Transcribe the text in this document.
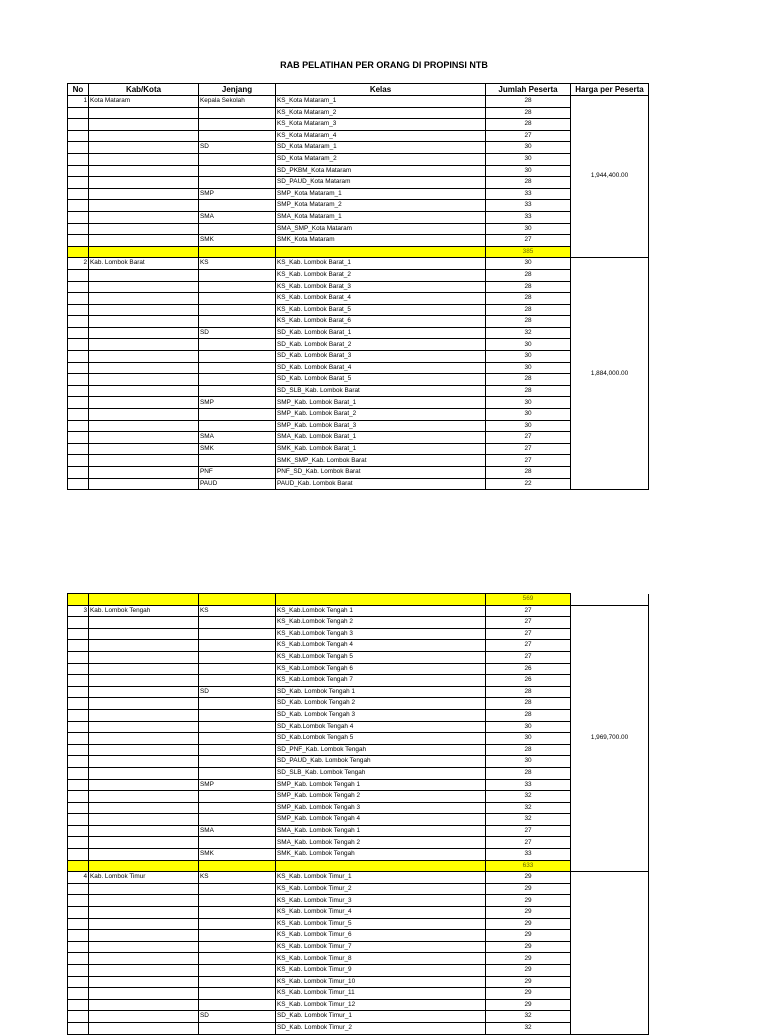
RAB PELATIHAN PER ORANG DI PROPINSI NTB
No	Kab/Kota	Jenjang	Kelas	Jumlah Peserta	Harga per Peserta
1	Kota Mataram	Kepala Sekolah	KS_Kota Mataram_1	28	1,944,400.00
			KS_Kota Mataram_2	28	
			KS_Kota Mataram_3	28	
			KS_Kota Mataram_4	27	
		SD	SD_Kota Mataram_1	30	
			SD_Kota Mataram_2	30	
			SD_PKBM_Kota Mataram	30	
			SD_PAUD_Kota Mataram	28	
		SMP	SMP_Kota Mataram_1	33	
			SMP_Kota Mataram_2	33	
		SMA	SMA_Kota Mataram_1	33	
			SMA_SMP_Kota Mataram	30	
		SMK	SMK_Kota Mataram	27	
				385	
2	Kab. Lombok Barat	KS	KS_Kab. Lombok Barat_1	30	1,884,000.00
			KS_Kab. Lombok Barat_2	28	
			KS_Kab. Lombok Barat_3	28	
			KS_Kab. Lombok Barat_4	28	
			KS_Kab. Lombok Barat_5	28	
			KS_Kab. Lombok Barat_6	28	
		SD	SD_Kab. Lombok Barat_1	32	
			SD_Kab. Lombok Barat_2	30	
			SD_Kab. Lombok Barat_3	30	
			SD_Kab. Lombok Barat_4	30	
			SD_Kab. Lombok Barat_5	28	
			SD_SLB_Kab. Lombok Barat	28	
		SMP	SMP_Kab. Lombok Barat_1	30	
			SMP_Kab. Lombok Barat_2	30	
			SMP_Kab. Lombok Barat_3	30	
		SMA	SMA_Kab. Lombok Barat_1	27	
		SMK	SMK_Kab. Lombok Barat_1	27	
			SMK_SMP_Kab. Lombok Barat	27	
		PNF	PNF_SD_Kab. Lombok Barat	28	
		PAUD	PAUD_Kab. Lombok Barat	22	
				569	
3	Kab. Lombok Tengah	KS	KS_Kab.Lombok Tengah 1	27	1,969,700.00
			KS_Kab.Lombok Tengah 2	27	
			KS_Kab.Lombok Tengah 3	27	
			KS_Kab.Lombok Tengah 4	27	
			KS_Kab.Lombok Tengah 5	27	
			KS_Kab.Lombok Tengah 6	26	
			KS_Kab.Lombok Tengah 7	26	
		SD	SD_Kab. Lombok Tengah 1	28	
			SD_Kab. Lombok Tengah 2	28	
			SD_Kab. Lombok Tengah 3	28	
			SD_Kab.Lombok Tengah 4	30	
			SD_Kab.Lombok Tengah 5	30	
			SD_PNF_Kab. Lombok Tengah	28	
			SD_PAUD_Kab. Lombok Tengah	30	
			SD_SLB_Kab. Lombok Tengah	28	
		SMP	SMP_Kab. Lombok Tengah 1	33	
			SMP_Kab. Lombok Tengah 2	32	
			SMP_Kab. Lombok Tengah 3	32	
			SMP_Kab. Lombok Tengah 4	32	
		SMA	SMA_Kab. Lombok Tengah 1	27	
			SMA_Kab. Lombok Tengah 2	27	
		SMK	SMK_Kab. Lombok Tengah	33	
				633	
4	Kab. Lombok Timur	KS	KS_Kab. Lombok Timur_1	29	
			KS_Kab. Lombok Timur_2	29	
			KS_Kab. Lombok Timur_3	29	
			KS_Kab. Lombok Timur_4	29	
			KS_Kab. Lombok Timur_5	29	
			KS_Kab. Lombok Timur_6	29	
			KS_Kab. Lombok Timur_7	29	
			KS_Kab. Lombok Timur_8	29	
			KS_Kab. Lombok Timur_9	29	
			KS_Kab. Lombok Timur_10	29	
			KS_Kab. Lombok Timur_11	29	
			KS_Kab. Lombok Timur_12	29	
		SD	SD_Kab. Lombok Timur_1	32	
			SD_Kab. Lombok Timur_2	32	
